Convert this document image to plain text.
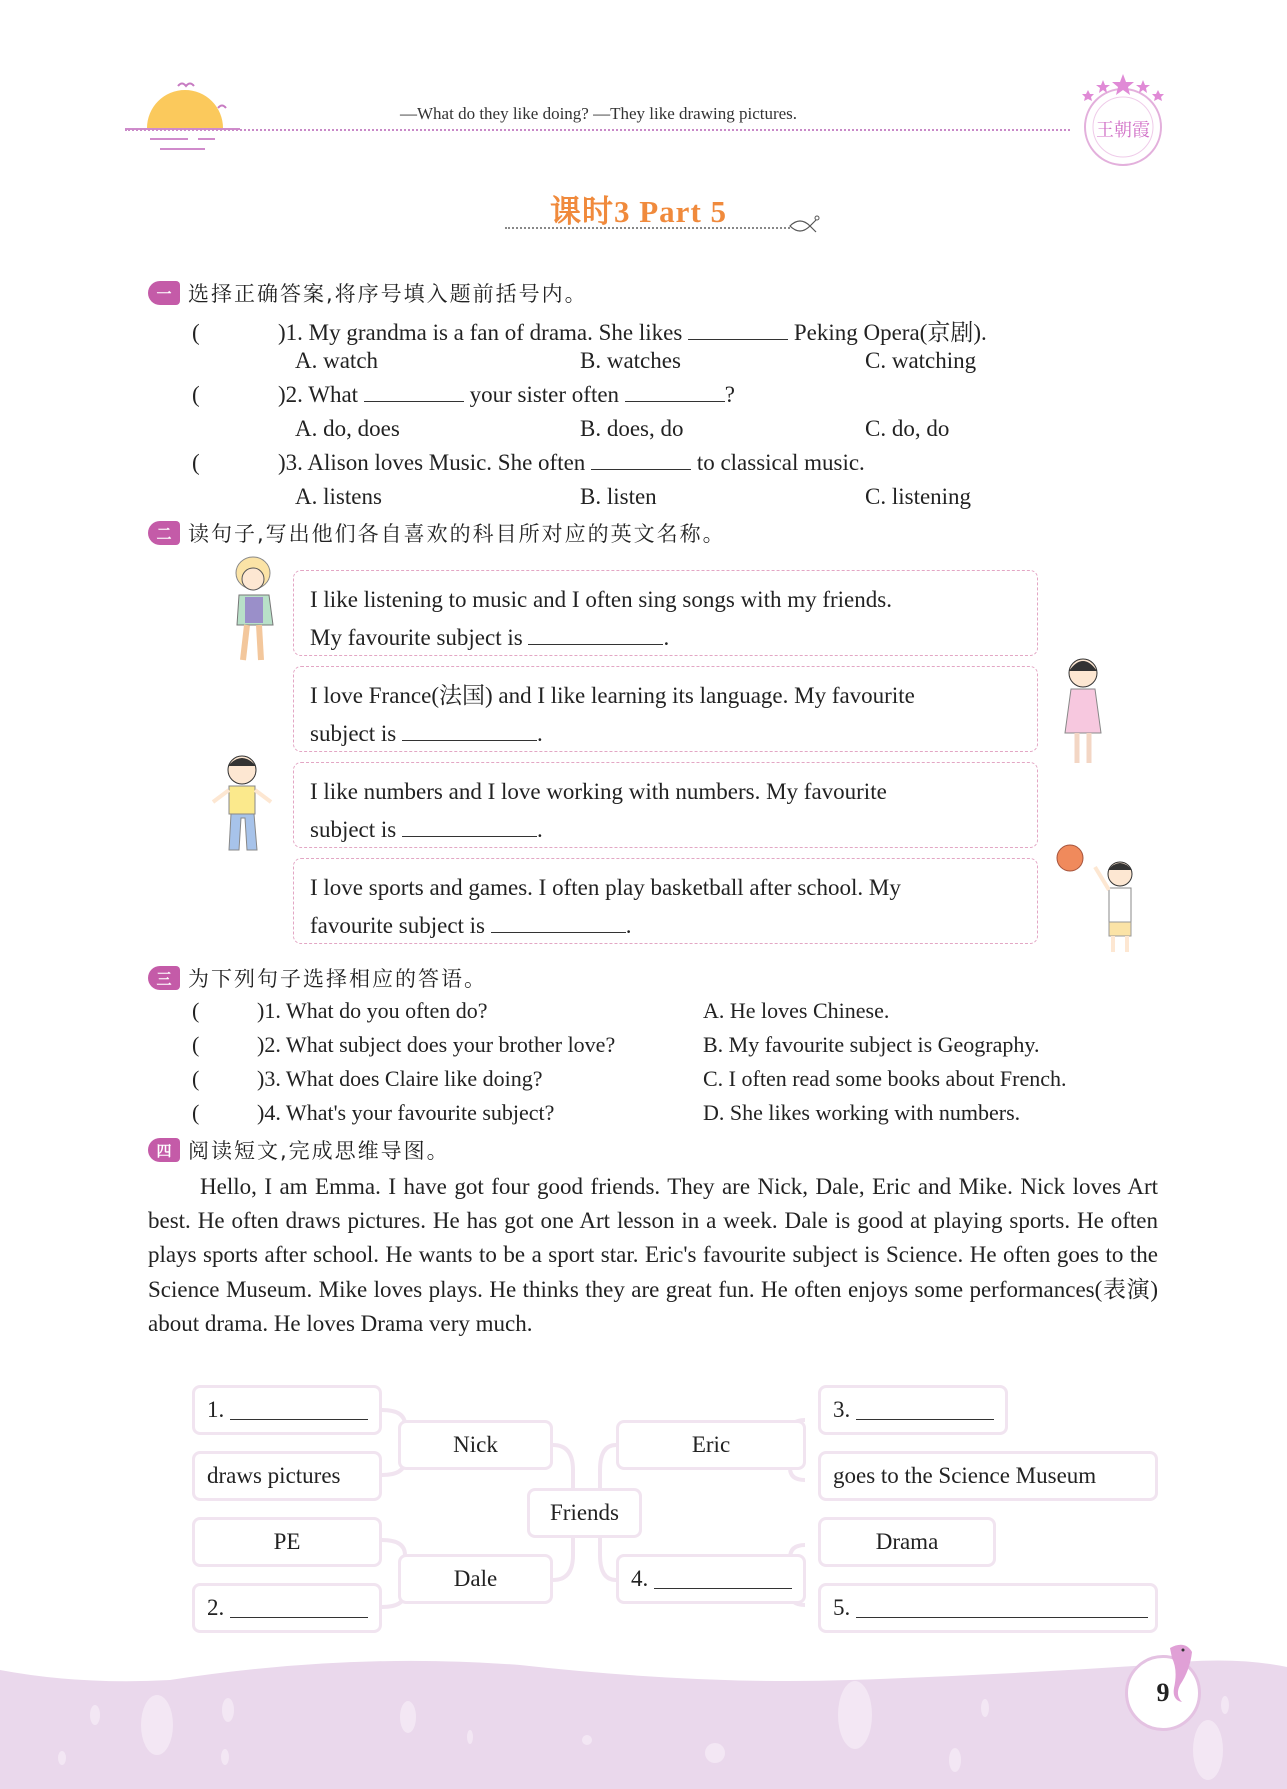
—What do they like doing? —They like drawing pictures.
王朝霞
课时3 Part 5
一 选择正确答案,将序号填入题前括号内。
(	)1. My grandma is a fan of drama. She likes	Peking Opera(京剧).
A. watch	B. watches	C. watching
(	)2. What	your sister often	?
A. do, does	B. does, do	C. do, do
(	)3. Alison loves Music. She often	to classical music.
A. listens	B. listen	C. listening
二 读句子,写出他们各自喜欢的科目所对应的英文名称。
I like listening to music and I often sing songs with my friends.
My favourite subject is	.
I love France(法国) and I like learning its language. My favourite
subject is	.
I like numbers and I love working with numbers. My favourite
subject is	.
I love sports and games. I often play basketball after school. My
favourite subject is	.
三 为下列句子选择相应的答语。
(	)1. What do you often do?
(	)2. What subject does your brother love?
(	)3. What does Claire like doing?
(	)4. What's your favourite subject?
A. He loves Chinese.
B. My favourite subject is Geography.
C. I often read some books about French.
D. She likes working with numbers.
四 阅读短文,完成思维导图。

Hello, I am Emma. I have got four good friends. They are Nick, Dale, Eric and Mike. Nick loves Art best. He often draws pictures. He has got one Art lesson in a week. Dale is good at playing sports. He often plays sports after school. He wants to be a sport star. Eric's favourite subject is Science. He often goes to the Science Museum. Mike loves plays. He thinks they are great fun. He often enjoys some performances(表演) about drama. He loves Drama very much.

1.

draws pictures
PE
2.

Nick
Dale
Friends
Eric
4.

3.

goes to the Science Museum
Drama
5.

9
